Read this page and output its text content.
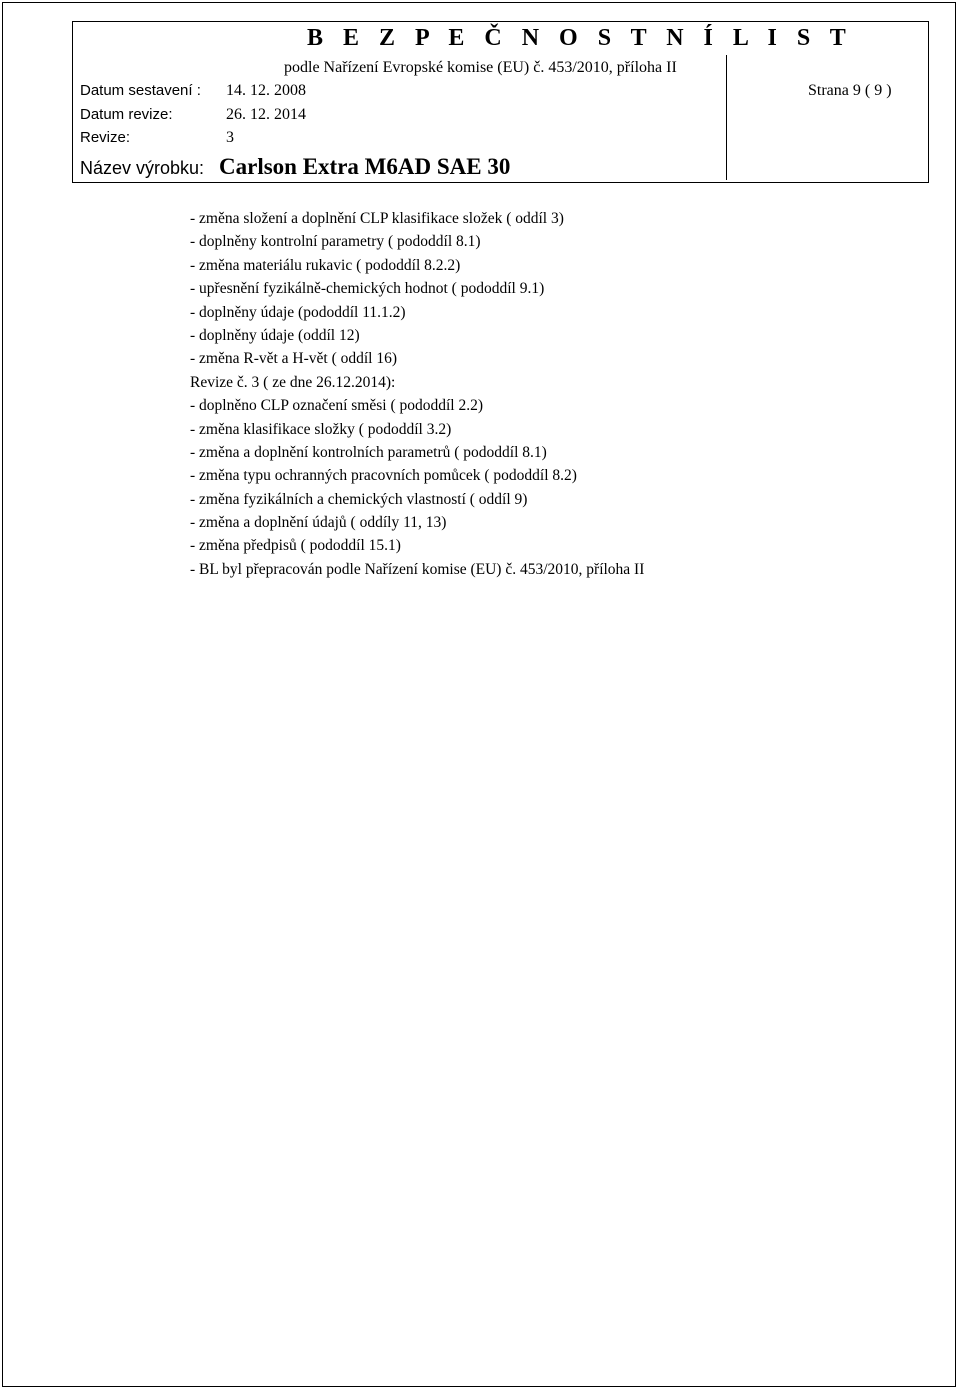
B E Z P E Č N O S T N Í L I S T
podle Nařízení Evropské komise (EU) č. 453/2010, příloha II
Datum sestavení : 14. 12. 2008
Datum revize:	26. 12. 2014
Revize:	3
Strana 9 ( 9 )
Název výrobku: Carlson Extra M6AD SAE 30
- změna složení a doplnění CLP klasifikace složek ( oddíl 3)
- doplněny kontrolní parametry ( pododdíl 8.1)
- změna materiálu rukavic ( pododdíl 8.2.2)
- upřesnění fyzikálně-chemických hodnot ( pododdíl 9.1)
- doplněny údaje (pododdíl 11.1.2)
- doplněny údaje (oddíl 12)
- změna R-vět a H-vět ( oddíl 16)
Revize č. 3 ( ze dne 26.12.2014):
- doplněno CLP označení směsi ( pododdíl 2.2)
- změna klasifikace složky ( pododdíl 3.2)
- změna a doplnění kontrolních parametrů ( pododdíl 8.1)
- změna typu ochranných pracovních pomůcek ( pododdíl 8.2)
- změna fyzikálních a chemických vlastností ( oddíl 9)
- změna a doplnění údajů ( oddíly 11, 13)
- změna předpisů ( pododdíl 15.1)
- BL byl přepracován podle Nařízení komise (EU) č. 453/2010, příloha II
